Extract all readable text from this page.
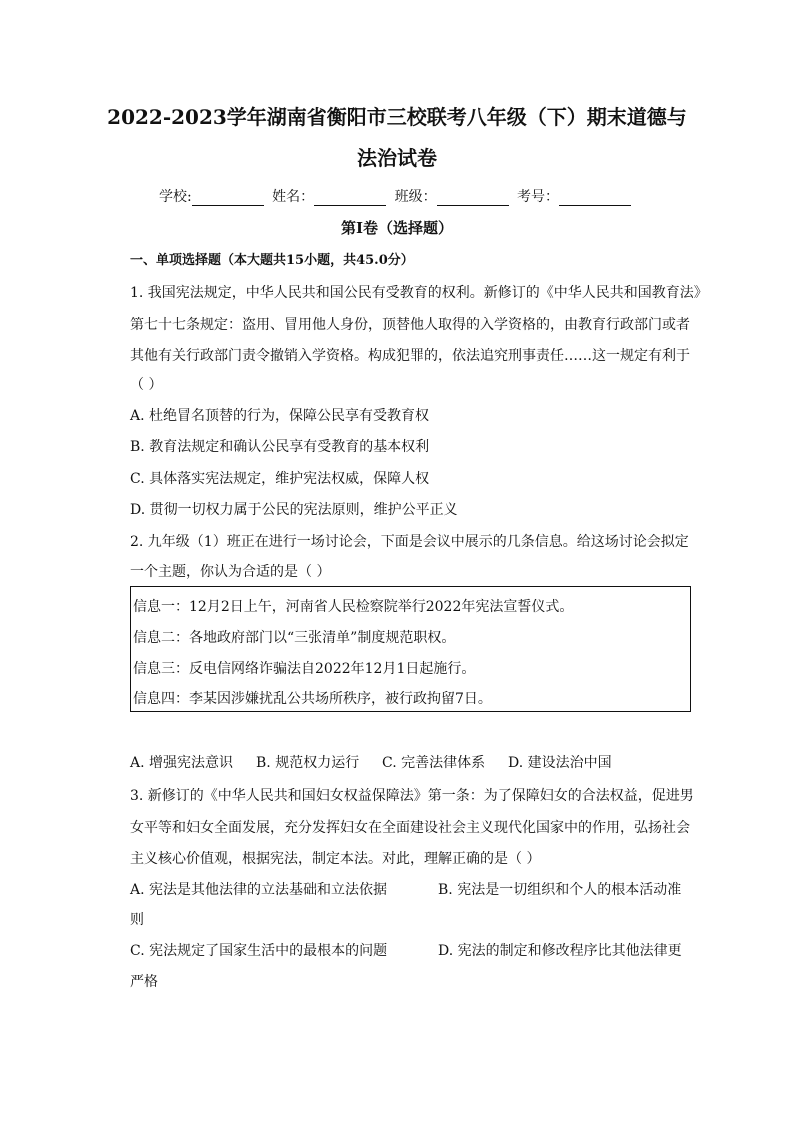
2022-2023学年湖南省衡阳市三校联考八年级（下）期末道德与
法治试卷
学校:	姓名：	班级：	考号：
第I卷（选择题）
一、单项选择题（本大题共15小题，共45.0分）
1. 我国宪法规定，中华人民共和国公民有受教育的权利。新修订的《中华人民共和国教育法》
第七十七条规定：盗用、冒用他人身份，顶替他人取得的入学资格的，由教育行政部门或者
其他有关行政部门责令撤销入学资格。构成犯罪的，依法追究刑事责任……这一规定有利于
（ ）
A. 杜绝冒名顶替的行为，保障公民享有受教育权
B. 教育法规定和确认公民享有受教育的基本权利
C. 具体落实宪法规定，维护宪法权威，保障人权
D. 贯彻一切权力属于公民的宪法原则，维护公平正义
2. 九年级（1）班正在进行一场讨论会，下面是会议中展示的几条信息。给这场讨论会拟定
一个主题，你认为合适的是（ ）
信息一：12月2日上午，河南省人民检察院举行2022年宪法宣誓仪式。
信息二：各地政府部门以“三张清单”制度规范职权。
信息三：反电信网络诈骗法自2022年12月1日起施行。
信息四：李某因涉嫌扰乱公共场所秩序，被行政拘留7日。
A. 增强宪法意识 B. 规范权力运行 C. 完善法律体系 D. 建设法治中国
3. 新修订的《中华人民共和国妇女权益保障法》第一条：为了保障妇女的合法权益，促进男
女平等和妇女全面发展，充分发挥妇女在全面建设社会主义现代化国家中的作用，弘扬社会
主义核心价值观，根据宪法，制定本法。对此，理解正确的是（ ）
A. 宪法是其他法律的立法基础和立法依据	B. 宪法是一切组织和个人的根本活动准
则
C. 宪法规定了国家生活中的最根本的问题	D. 宪法的制定和修改程序比其他法律更
严格
